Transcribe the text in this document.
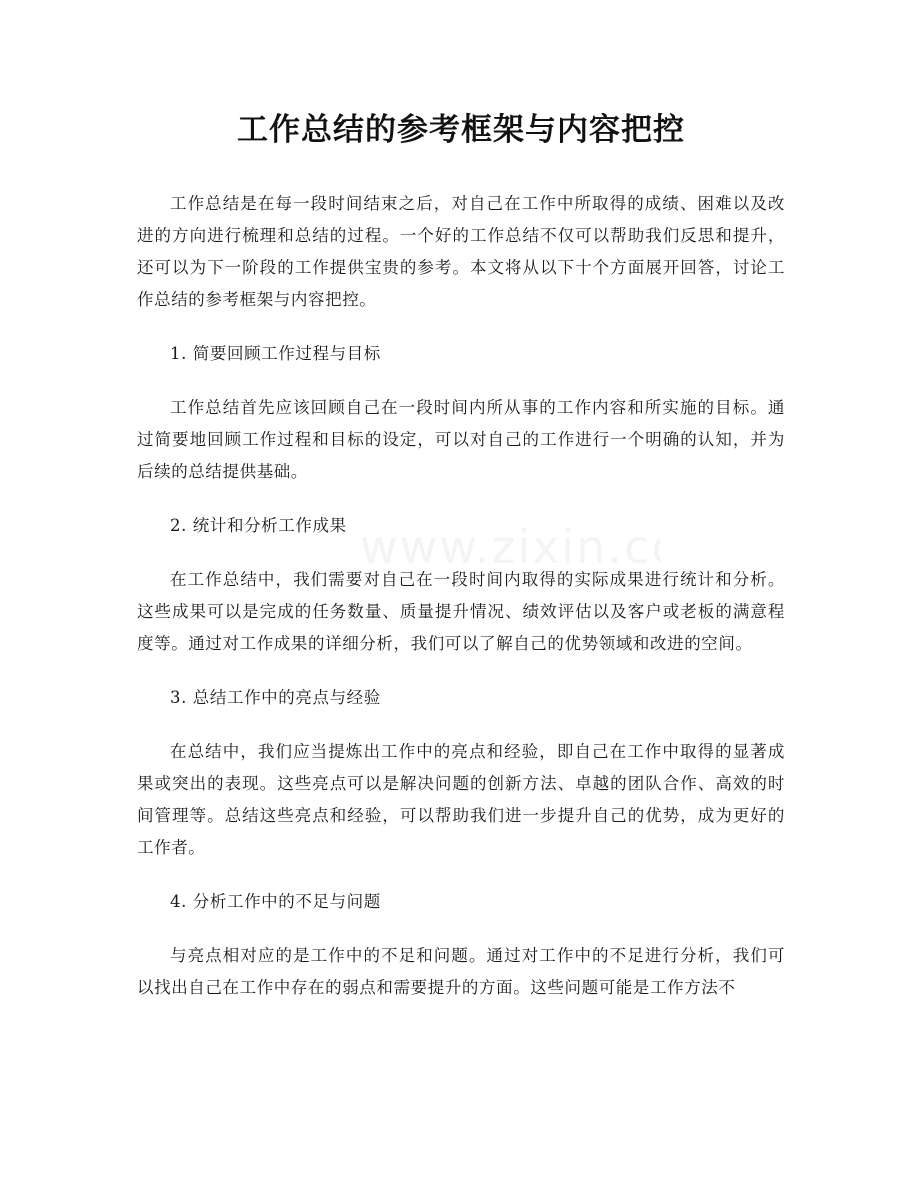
工作总结的参考框架与内容把控

工作总结是在每一段时间结束之后，对自己在工作中所取得的成绩、困难以及改进的方向进行梳理和总结的过程。一个好的工作总结不仅可以帮助我们反思和提升，还可以为下一阶段的工作提供宝贵的参考。本文将从以下十个方面展开回答，讨论工作总结的参考框架与内容把控。

1. 简要回顾工作过程与目标

工作总结首先应该回顾自己在一段时间内所从事的工作内容和所实施的目标。通过简要地回顾工作过程和目标的设定，可以对自己的工作进行一个明确的认知，并为后续的总结提供基础。

2. 统计和分析工作成果

在工作总结中，我们需要对自己在一段时间内取得的实际成果进行统计和分析。这些成果可以是完成的任务数量、质量提升情况、绩效评估以及客户或老板的满意程度等。通过对工作成果的详细分析，我们可以了解自己的优势领域和改进的空间。

3. 总结工作中的亮点与经验

在总结中，我们应当提炼出工作中的亮点和经验，即自己在工作中取得的显著成果或突出的表现。这些亮点可以是解决问题的创新方法、卓越的团队合作、高效的时间管理等。总结这些亮点和经验，可以帮助我们进一步提升自己的优势，成为更好的工作者。

4. 分析工作中的不足与问题

与亮点相对应的是工作中的不足和问题。通过对工作中的不足进行分析，我们可以找出自己在工作中存在的弱点和需要提升的方面。这些问题可能是工作方法不
